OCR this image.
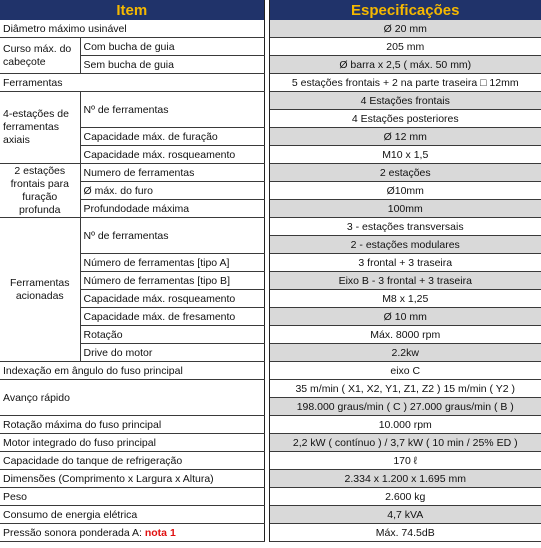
Item			Especificações
Diâmetro máximo usinável			Ø 20 mm
Curso máx. do cabeçote	Com bucha de guia		205 mm
	Sem bucha de guia		Ø barra x 2,5 ( máx. 50 mm)
Ferramentas			5 estações frontais + 2 na parte traseira □ 12mm
4-estações de ferramentas axiais	Nº de ferramentas		4 Estações frontais
			4 Estações posteriores
	Capacidade máx. de furação		Ø 12 mm
	Capacidade máx. rosqueamento		M10 x 1,5
2 estações frontais para furação profunda	Numero de ferramentas		2 estações
	Ø máx. do furo		Ø10mm
	Profundodade máxima		100mm
Ferramentas acionadas	Nº de ferramentas		3 - estações transversais
			2 - estações modulares
	Número de ferramentas [tipo A]		3 frontal + 3 traseira
	Número de ferramentas [tipo B]		Eixo B - 3 frontal + 3 traseira
	Capacidade máx. rosqueamento		M8 x 1,25
	Capacidade máx. de fresamento		Ø 10 mm
	Rotação		Máx. 8000 rpm
	Drive do motor		2.2kw
Indexação em ângulo do fuso principal			eixo C
Avanço rápido			35 m/min ( X1, X2, Y1, Z1, Z2 ) 15 m/min ( Y2 )
			198.000 graus/min ( C ) 27.000 graus/min ( B )
Rotação máxima do fuso principal			10.000 rpm
Motor integrado do fuso principal			2,2 kW ( contínuo ) / 3,7 kW ( 10 min / 25% ED )
Capacidade do tanque de refrigeração			170 ℓ
Dimensões (Comprimento x Largura x Altura)			2.334 x 1.200 x 1.695 mm
Peso			2.600 kg
Consumo de energia elétrica			4,7 kVA
Pressão sonora ponderada A: nota 1			Máx. 74.5dB
